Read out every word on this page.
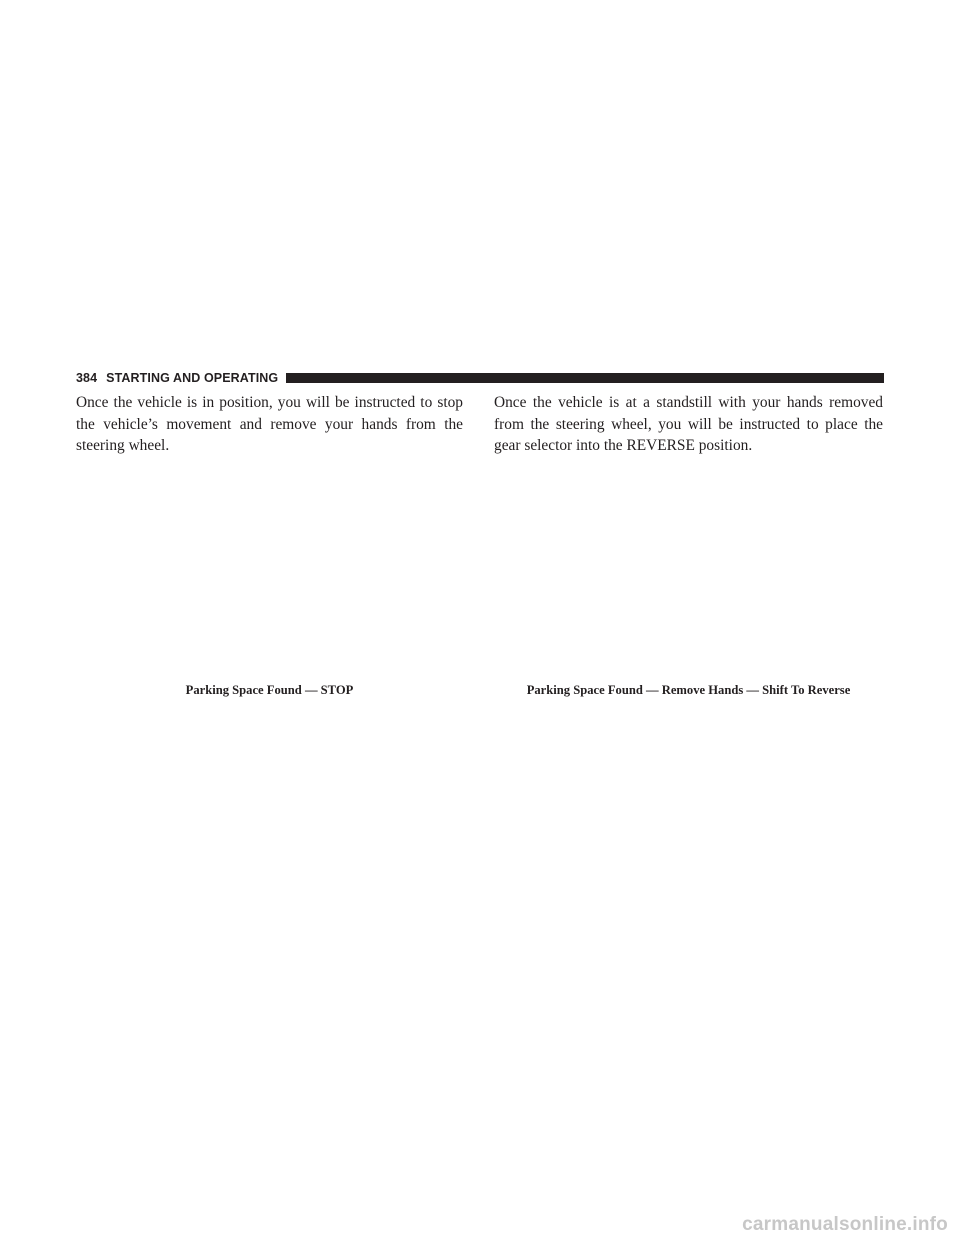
384 STARTING AND OPERATING

Once the vehicle is in position, you will be instructed to stop the vehicle’s movement and remove your hands from the steering wheel.

Once the vehicle is at a standstill with your hands removed from the steering wheel, you will be instructed to place the gear selector into the REVERSE position.

Parking Space Found — STOP	Parking Space Found — Remove Hands — Shift To Reverse

carmanualsonline.info
